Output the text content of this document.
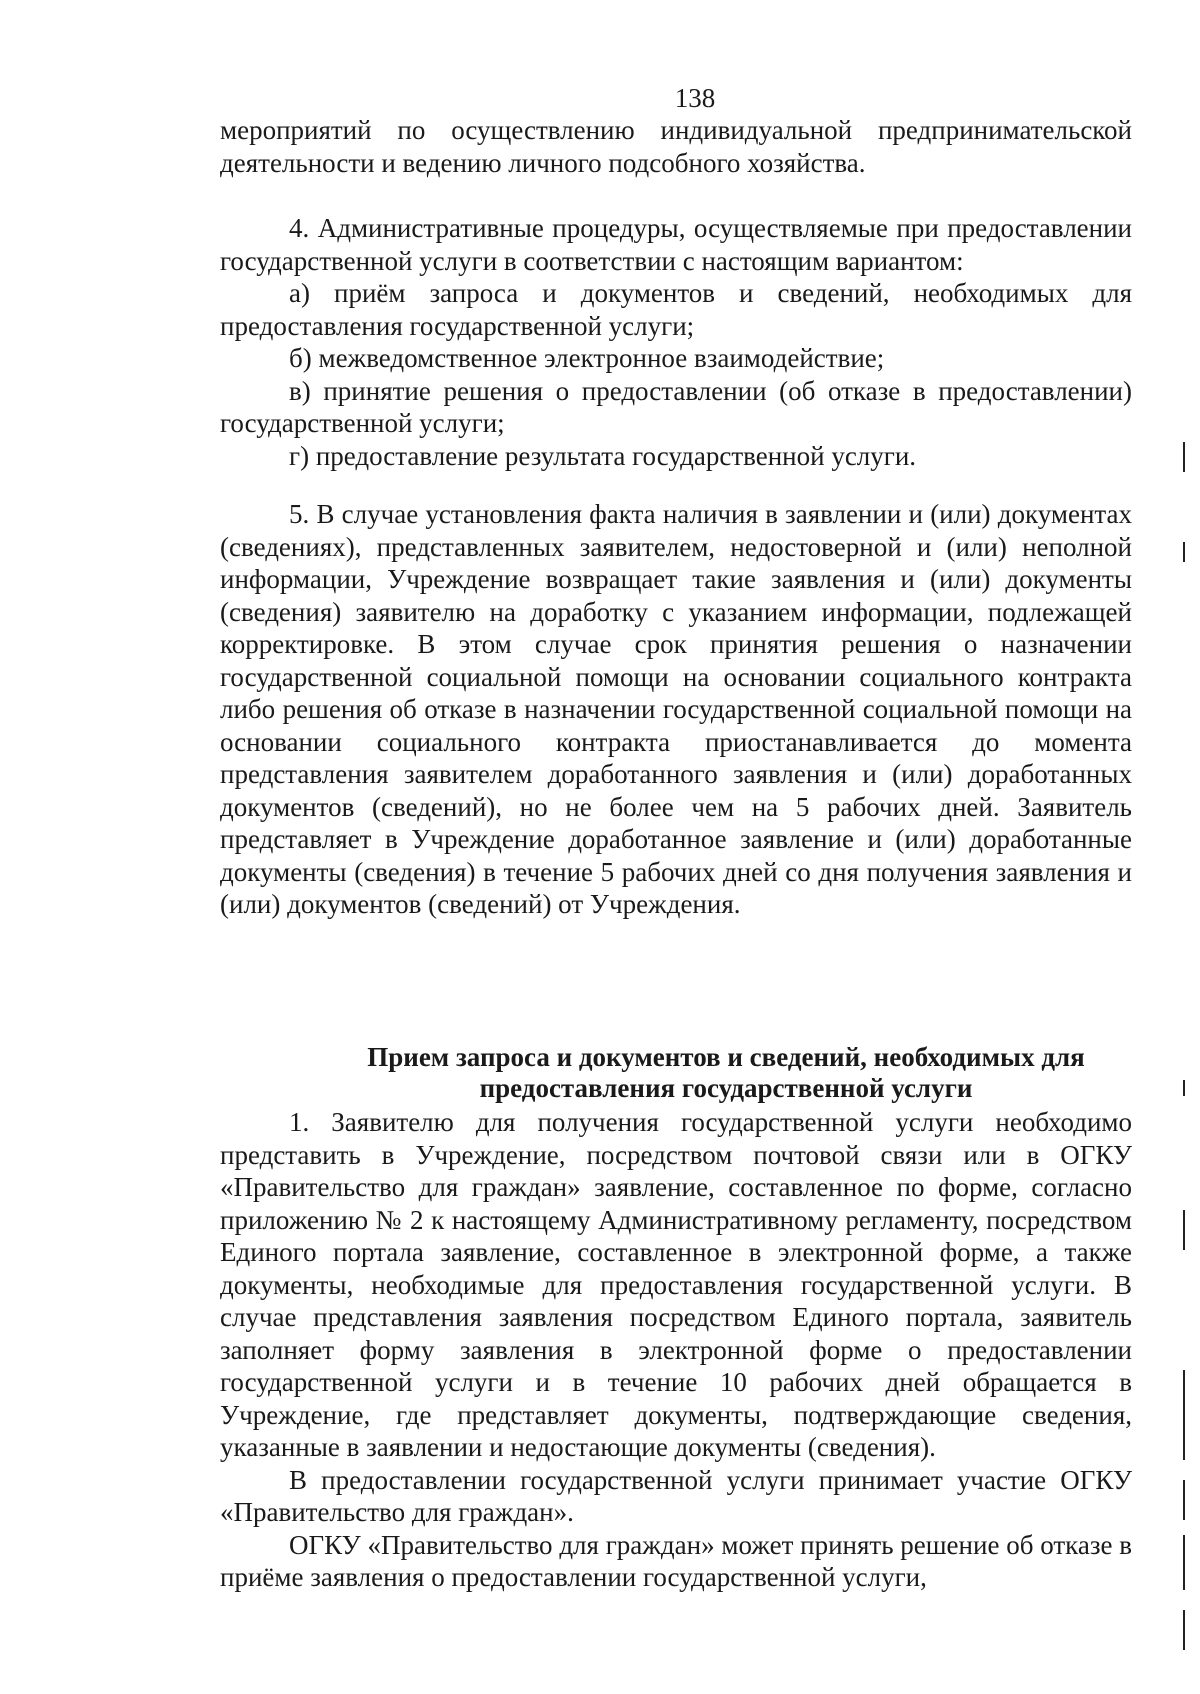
138

мероприятий по осуществлению индивидуальной предпринимательской деятельности и ведению личного подсобного хозяйства.

4. Административные процедуры, осуществляемые при предоставлении государственной услуги в соответствии с настоящим вариантом:

а) приём запроса и документов и сведений, необходимых для предоставления государственной услуги;

б) межведомственное электронное взаимодействие;

в) принятие решения о предоставлении (об отказе в предоставлении) государственной услуги;

г) предоставление результата государственной услуги.

5. В случае установления факта наличия в заявлении и (или) документах (сведениях), представленных заявителем, недостоверной и (или) неполной информации, Учреждение возвращает такие заявления и (или) документы (сведения) заявителю на доработку с указанием информации, подлежащей корректировке. В этом случае срок принятия решения о назначении государственной социальной помощи на основании социального контракта либо решения об отказе в назначении государственной социальной помощи на основании социального контракта приостанавливается до момента представления заявителем доработанного заявления и (или) доработанных документов (сведений), но не более чем на 5 рабочих дней. Заявитель представляет в Учреждение доработанное заявление и (или) доработанные документы (сведения) в течение 5 рабочих дней со дня получения заявления и (или) документов (сведений) от Учреждения.

Прием запроса и документов и сведений, необходимых для
предоставления государственной услуги

1. Заявителю для получения государственной услуги необходимо представить в Учреждение, посредством почтовой связи или в ОГКУ «Правительство для граждан» заявление, составленное по форме, согласно приложению № 2 к настоящему Административному регламенту, посредством Единого портала заявление, составленное в электронной форме, а также документы, необходимые для предоставления государственной услуги. В случае представления заявления посредством Единого портала, заявитель заполняет форму заявления в электронной форме о предоставлении государственной услуги и в течение 10 рабочих дней обращается в Учреждение, где представляет документы, подтверждающие сведения, указанные в заявлении и недостающие документы (сведения).

В предоставлении государственной услуги принимает участие ОГКУ «Правительство для граждан».

ОГКУ «Правительство для граждан» может принять решение об отказе в приёме заявления о предоставлении государственной услуги,
